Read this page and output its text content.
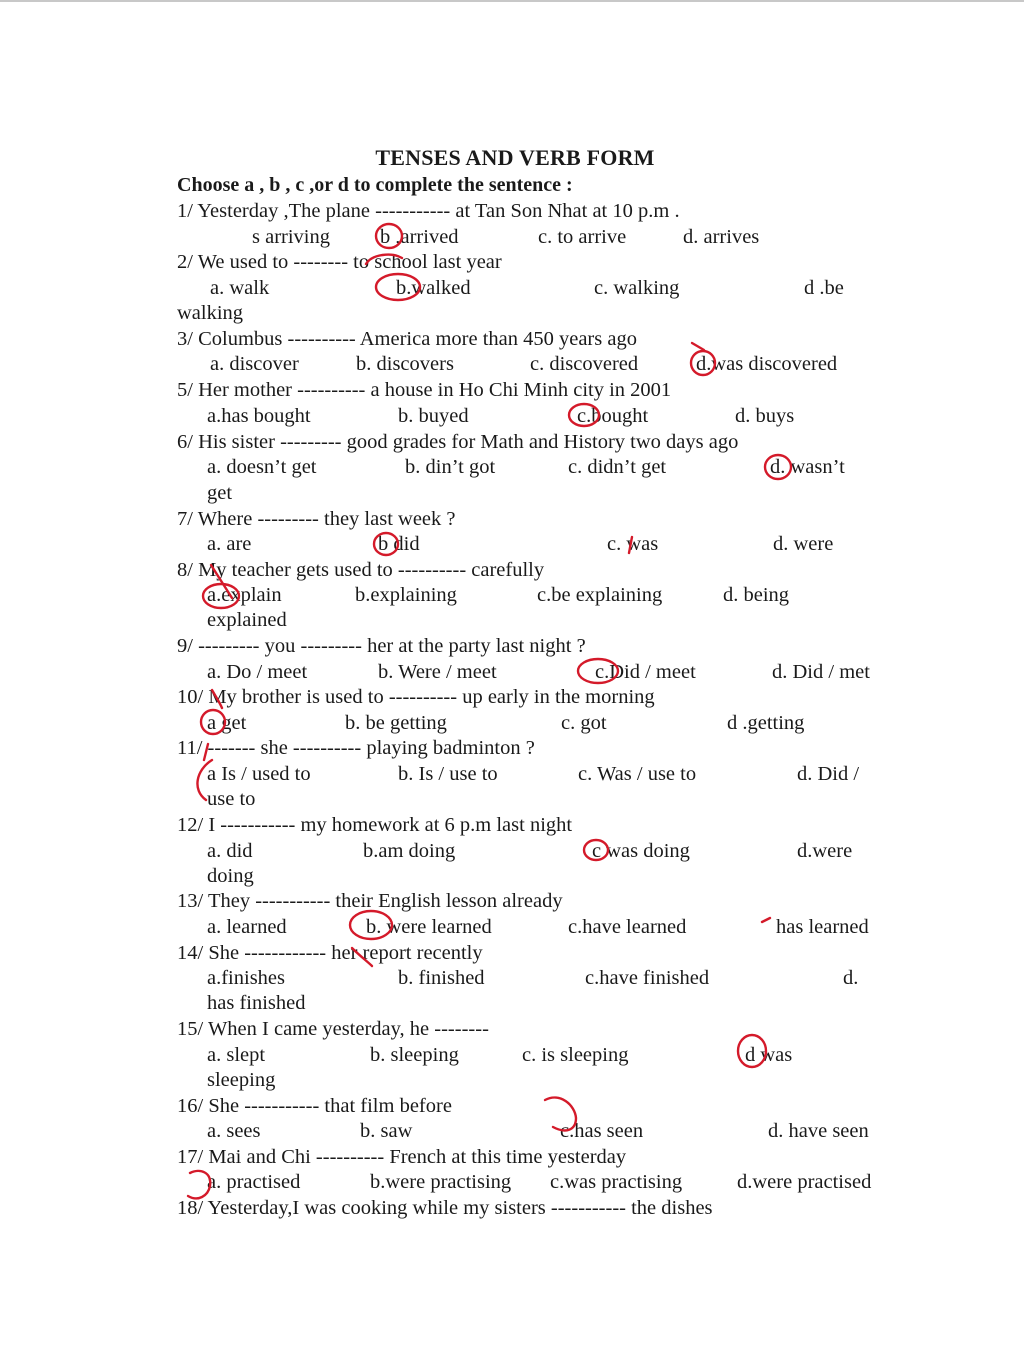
TENSES AND VERB FORM
Choose a , b , c ,or d to complete the sentence :
1/ Yesterday ,The plane ----------- at Tan Son Nhat at 10 p.m .
s arriving b ,arrived	c. to arrive	d. arrives
2/ We used to -------- to school last year
a. walk	b.walked	c. walking	d .be
walking
3/ Columbus ---------- America more than 450 years ago
a. discover	b. discovers	c. discovered	d.was discovered
5/ Her mother ---------- a house in Ho Chi Minh city in 2001
a.has bought	b. buyed	c.bought	d. buys
6/ His sister --------- good grades for Math and History two days ago
a. doesn’t get	b. din’t got	c. didn’t get	d. wasn’t
get
7/ Where --------- they last week ?
a. are	b did	c. was	d. were
8/ My teacher gets used to ---------- carefully
a.explain	b.explaining	c.be explaining	d. being
explained
9/ --------- you --------- her at the party last night ?
a. Do / meet	b. Were / meet	c.Did / meet	d. Did / met
10/ My brother is used to ---------- up early in the morning
a get	b. be getting	c. got	d .getting
11/ ------- she ---------- playing badminton ?
a Is / used to	b. Is / use to	c. Was / use to	d. Did /
use to
12/ I ----------- my homework at 6 p.m last night
a. did	b.am doing	c was doing	d.were
doing
13/ They ----------- their English lesson already
a. learned	b. were learned	c.have learned	has learned
14/ She ------------ her report recently
a.finishes	b. finished	c.have finished	d.
has finished
15/ When I came yesterday, he --------
a. slept	b. sleeping	c. is sleeping	d was
sleeping
16/ She ----------- that film before
a. sees	b. saw	c.has seen	d. have seen
17/ Mai and Chi ---------- French at this time yesterday
a. practised	b.were practising c.was practising	d.were practised
18/ Yesterday,I was cooking while my sisters ----------- the dishes
